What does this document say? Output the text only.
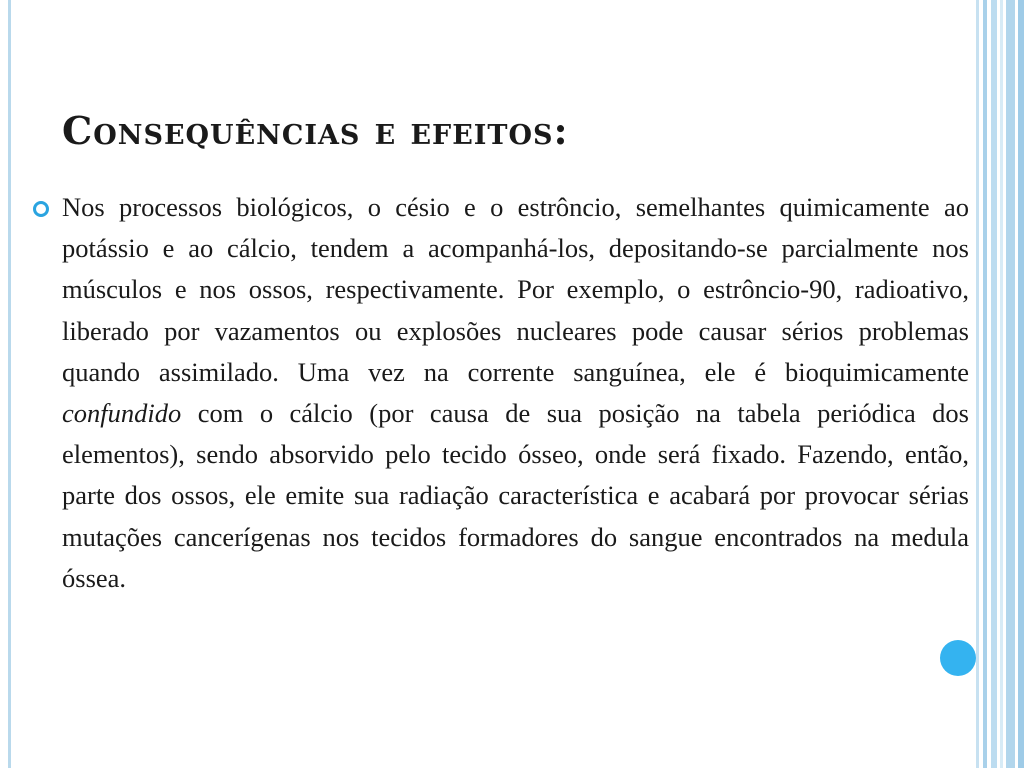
Consequências e efeitos:

Nos processos biológicos, o césio e o estrôncio, semelhantes quimicamente ao potássio e ao cálcio, tendem a acompanhá-los, depositando-se parcialmente nos músculos e nos ossos, respectivamente. Por exemplo, o estrôncio-90, radioativo, liberado por vazamentos ou explosões nucleares pode causar sérios problemas quando assimilado. Uma vez na corrente sanguínea, ele é bioquimicamente confundido com o cálcio (por causa de sua posição na tabela periódica dos elementos), sendo absorvido pelo tecido ósseo, onde será fixado. Fazendo, então, parte dos ossos, ele emite sua radiação característica e acabará por provocar sérias mutações cancerígenas nos tecidos formadores do sangue encontrados na medula óssea.
